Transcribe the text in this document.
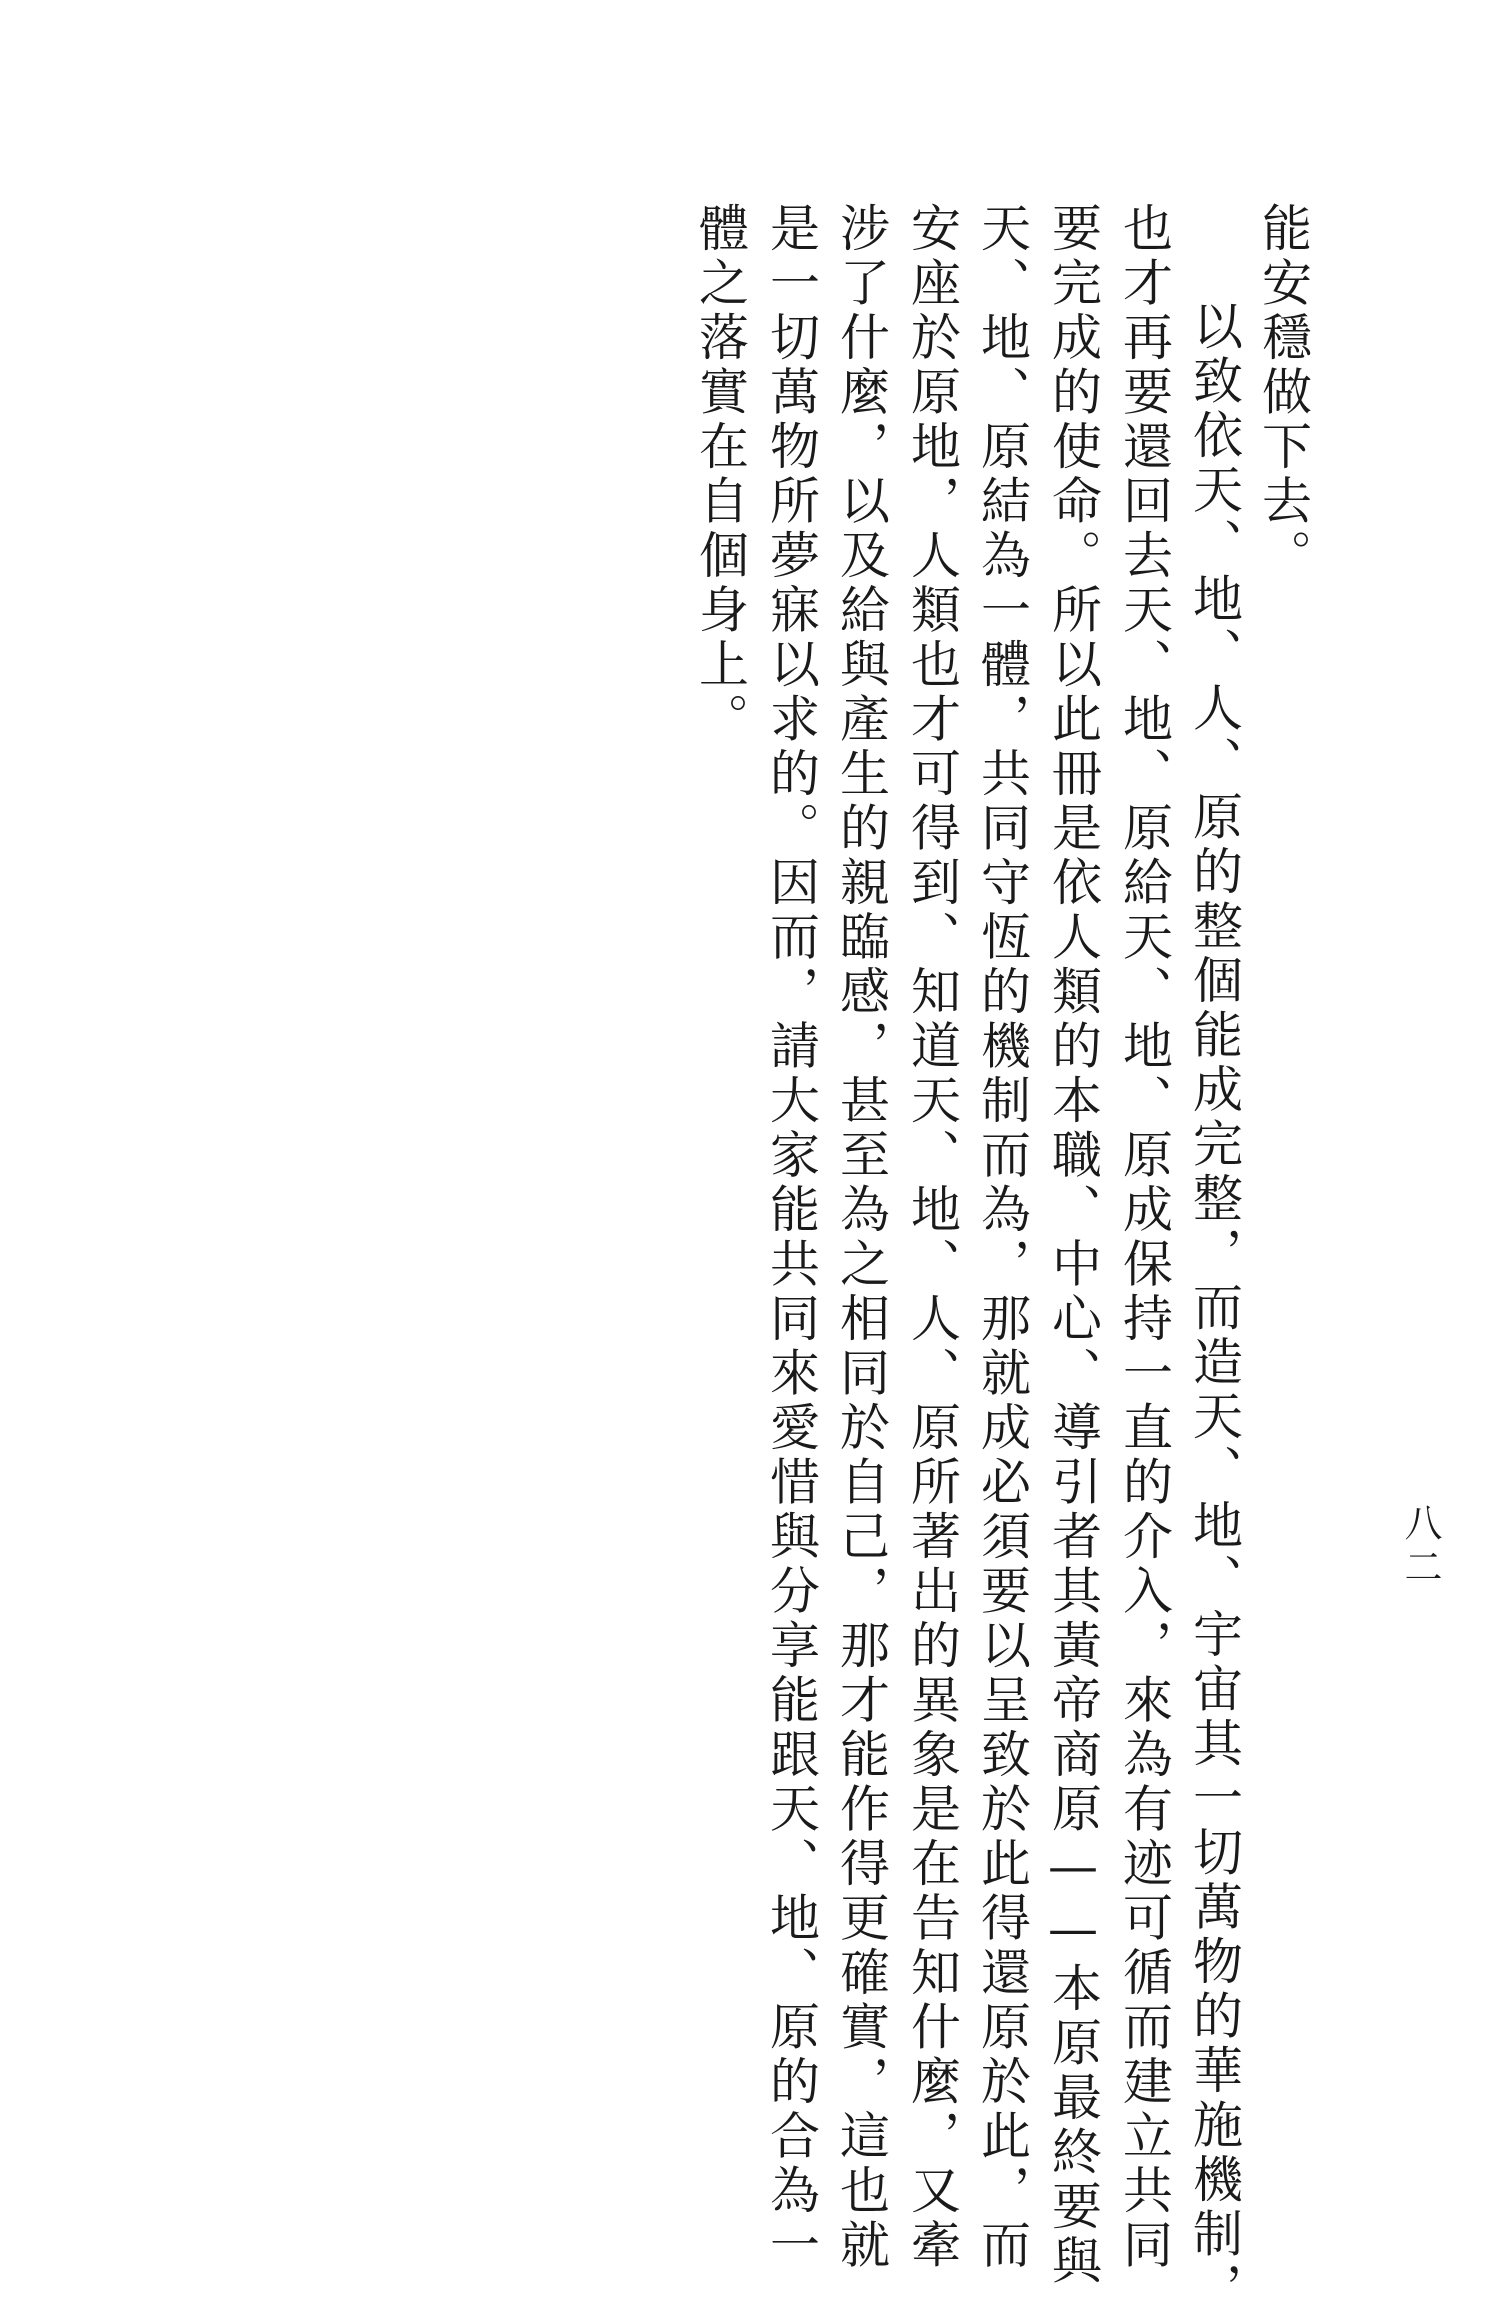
八二
能安穩做下去。
以致依天、地、人、原的整個能成完整，而造天、地、宇宙其一切萬物的華施機制，
也才再要還回去天、地、原給天、地、原成保持一直的介入，來為有迹可循而建立共同
要完成的使命。所以此冊是依人類的本職、中心、導引者其黃帝商原——本原最終要與
天、地、原結為一體，共同守恆的機制而為，那就成必須要以呈致於此得還原於此，而
安座於原地，人類也才可得到、知道天、地、人、原所著出的異象是在告知什麼，又牽
涉了什麼，以及給與產生的親臨感，甚至為之相同於自己，那才能作得更確實，這也就
是一切萬物所夢寐以求的。因而，請大家能共同來愛惜與分享能跟天、地、原的合為一
體之落實在自個身上。
